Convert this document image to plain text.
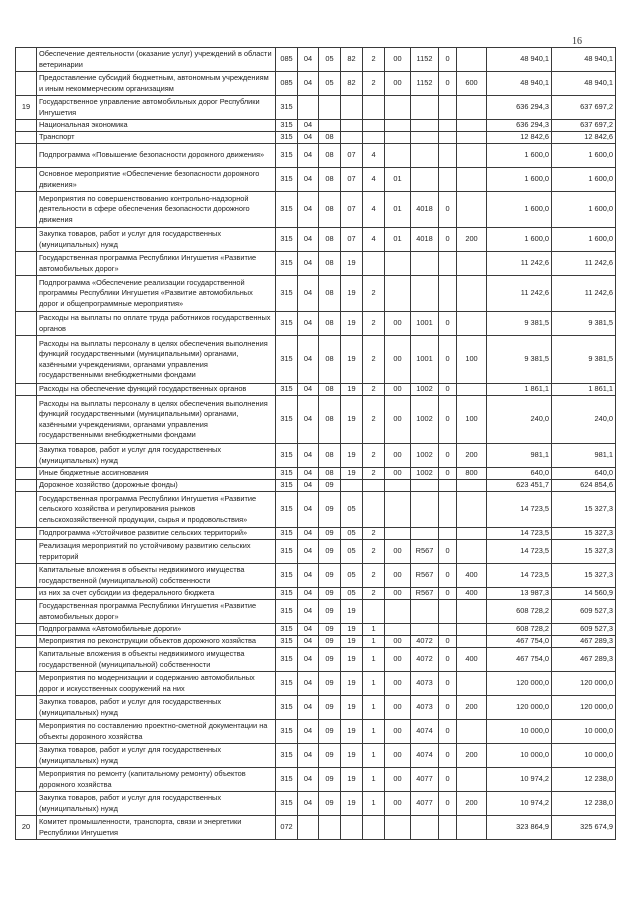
16
	Обеспечение деятельности (оказание услуг) учреждений в области ветеринарии	085	04	05	82	2	00	1152	0		48 940,1	48 940,1
	Предоставление субсидий бюджетным, автономным учреждениям и иным некоммерческим организациям	085	04	05	82	2	00	1152	0	600	48 940,1	48 940,1
19	Государственное управление автомобильных дорог Республики Ингушетия	315									636 294,3	637 697,2
	Национальная экономика	315	04								636 294,3	637 697,2
	Транспорт	315	04	08							12 842,6	12 842,6
	Подпрограмма «Повышение безопасности дорожного движения»	315	04	08	07	4					1 600,0	1 600,0
	Основное мероприятие «Обеспечение безопасности дорожного движения»	315	04	08	07	4	01				1 600,0	1 600,0
	Мероприятия по совершенствованию контрольно-надзорной деятельности в сфере обеспечения безопасности дорожного движения	315	04	08	07	4	01	4018	0		1 600,0	1 600,0
	Закупка товаров, работ и услуг для государственных (муниципальных) нужд	315	04	08	07	4	01	4018	0	200	1 600,0	1 600,0
	Государственная программа Республики Ингушетия «Развитие автомобильных дорог»	315	04	08	19						11 242,6	11 242,6
	Подпрограмма «Обеспечение реализации государственной программы Республики Ингушетия «Развитие автомобильных дорог и общепрограммные мероприятия»	315	04	08	19	2					11 242,6	11 242,6
	Расходы на выплаты по оплате труда работников государственных органов	315	04	08	19	2	00	1001	0		9 381,5	9 381,5
	Расходы на выплаты персоналу в целях обеспечения выполнения функций государственными (муниципальными) органами, казёнными учреждениями, органами управления государственными внебюджетными фондами	315	04	08	19	2	00	1001	0	100	9 381,5	9 381,5
	Расходы на обеспечение функций государственных органов	315	04	08	19	2	00	1002	0		1 861,1	1 861,1
	Расходы на выплаты персоналу в целях обеспечения выполнения функций государственными (муниципальными) органами, казёнными учреждениями, органами управления государственными внебюджетными фондами	315	04	08	19	2	00	1002	0	100	240,0	240,0
	Закупка товаров, работ и услуг для государственных (муниципальных) нужд	315	04	08	19	2	00	1002	0	200	981,1	981,1
	Иные бюджетные ассигнования	315	04	08	19	2	00	1002	0	800	640,0	640,0
	Дорожное хозяйство (дорожные фонды)	315	04	09							623 451,7	624 854,6
	Государственная программа Республики Ингушетия «Развитие сельского хозяйства и регулирования рынков сельскохозяйственной продукции, сырья и продовольствия»	315	04	09	05						14 723,5	15 327,3
	Подпрограмма «Устойчивое развитие сельских территорий»	315	04	09	05	2					14 723,5	15 327,3
	Реализация мероприятий по устойчивому развитию сельских территорий	315	04	09	05	2	00	R567	0		14 723,5	15 327,3
	Капитальные вложения в объекты недвижимого имущества государственной (муниципальной) собственности	315	04	09	05	2	00	R567	0	400	14 723,5	15 327,3
	из них за счет субсидии из федерального бюджета	315	04	09	05	2	00	R567	0	400	13 987,3	14 560,9
	Государственная программа Республики Ингушетия «Развитие автомобильных дорог»	315	04	09	19						608 728,2	609 527,3
	Подпрограмма «Автомобильные дороги»	315	04	09	19	1					608 728,2	609 527,3
	Мероприятия по реконструкции объектов дорожного хозяйства	315	04	09	19	1	00	4072	0		467 754,0	467 289,3
	Капитальные вложения в объекты недвижимого имущества государственной (муниципальной) собственности	315	04	09	19	1	00	4072	0	400	467 754,0	467 289,3
	Мероприятия по модернизации и содержанию автомобильных дорог и искусственных сооружений на них	315	04	09	19	1	00	4073	0		120 000,0	120 000,0
	Закупка товаров, работ и услуг для государственных (муниципальных) нужд	315	04	09	19	1	00	4073	0	200	120 000,0	120 000,0
	Мероприятия по составлению проектно-сметной документации на объекты дорожного хозяйства	315	04	09	19	1	00	4074	0		10 000,0	10 000,0
	Закупка товаров, работ и услуг для государственных (муниципальных) нужд	315	04	09	19	1	00	4074	0	200	10 000,0	10 000,0
	Мероприятия по ремонту (капитальному ремонту) объектов дорожного хозяйства	315	04	09	19	1	00	4077	0		10 974,2	12 238,0
	Закупка товаров, работ и услуг для государственных (муниципальных) нужд	315	04	09	19	1	00	4077	0	200	10 974,2	12 238,0
20	Комитет промышленности, транспорта, связи и энергетики Республики Ингушетия	072									323 864,9	325 674,9
